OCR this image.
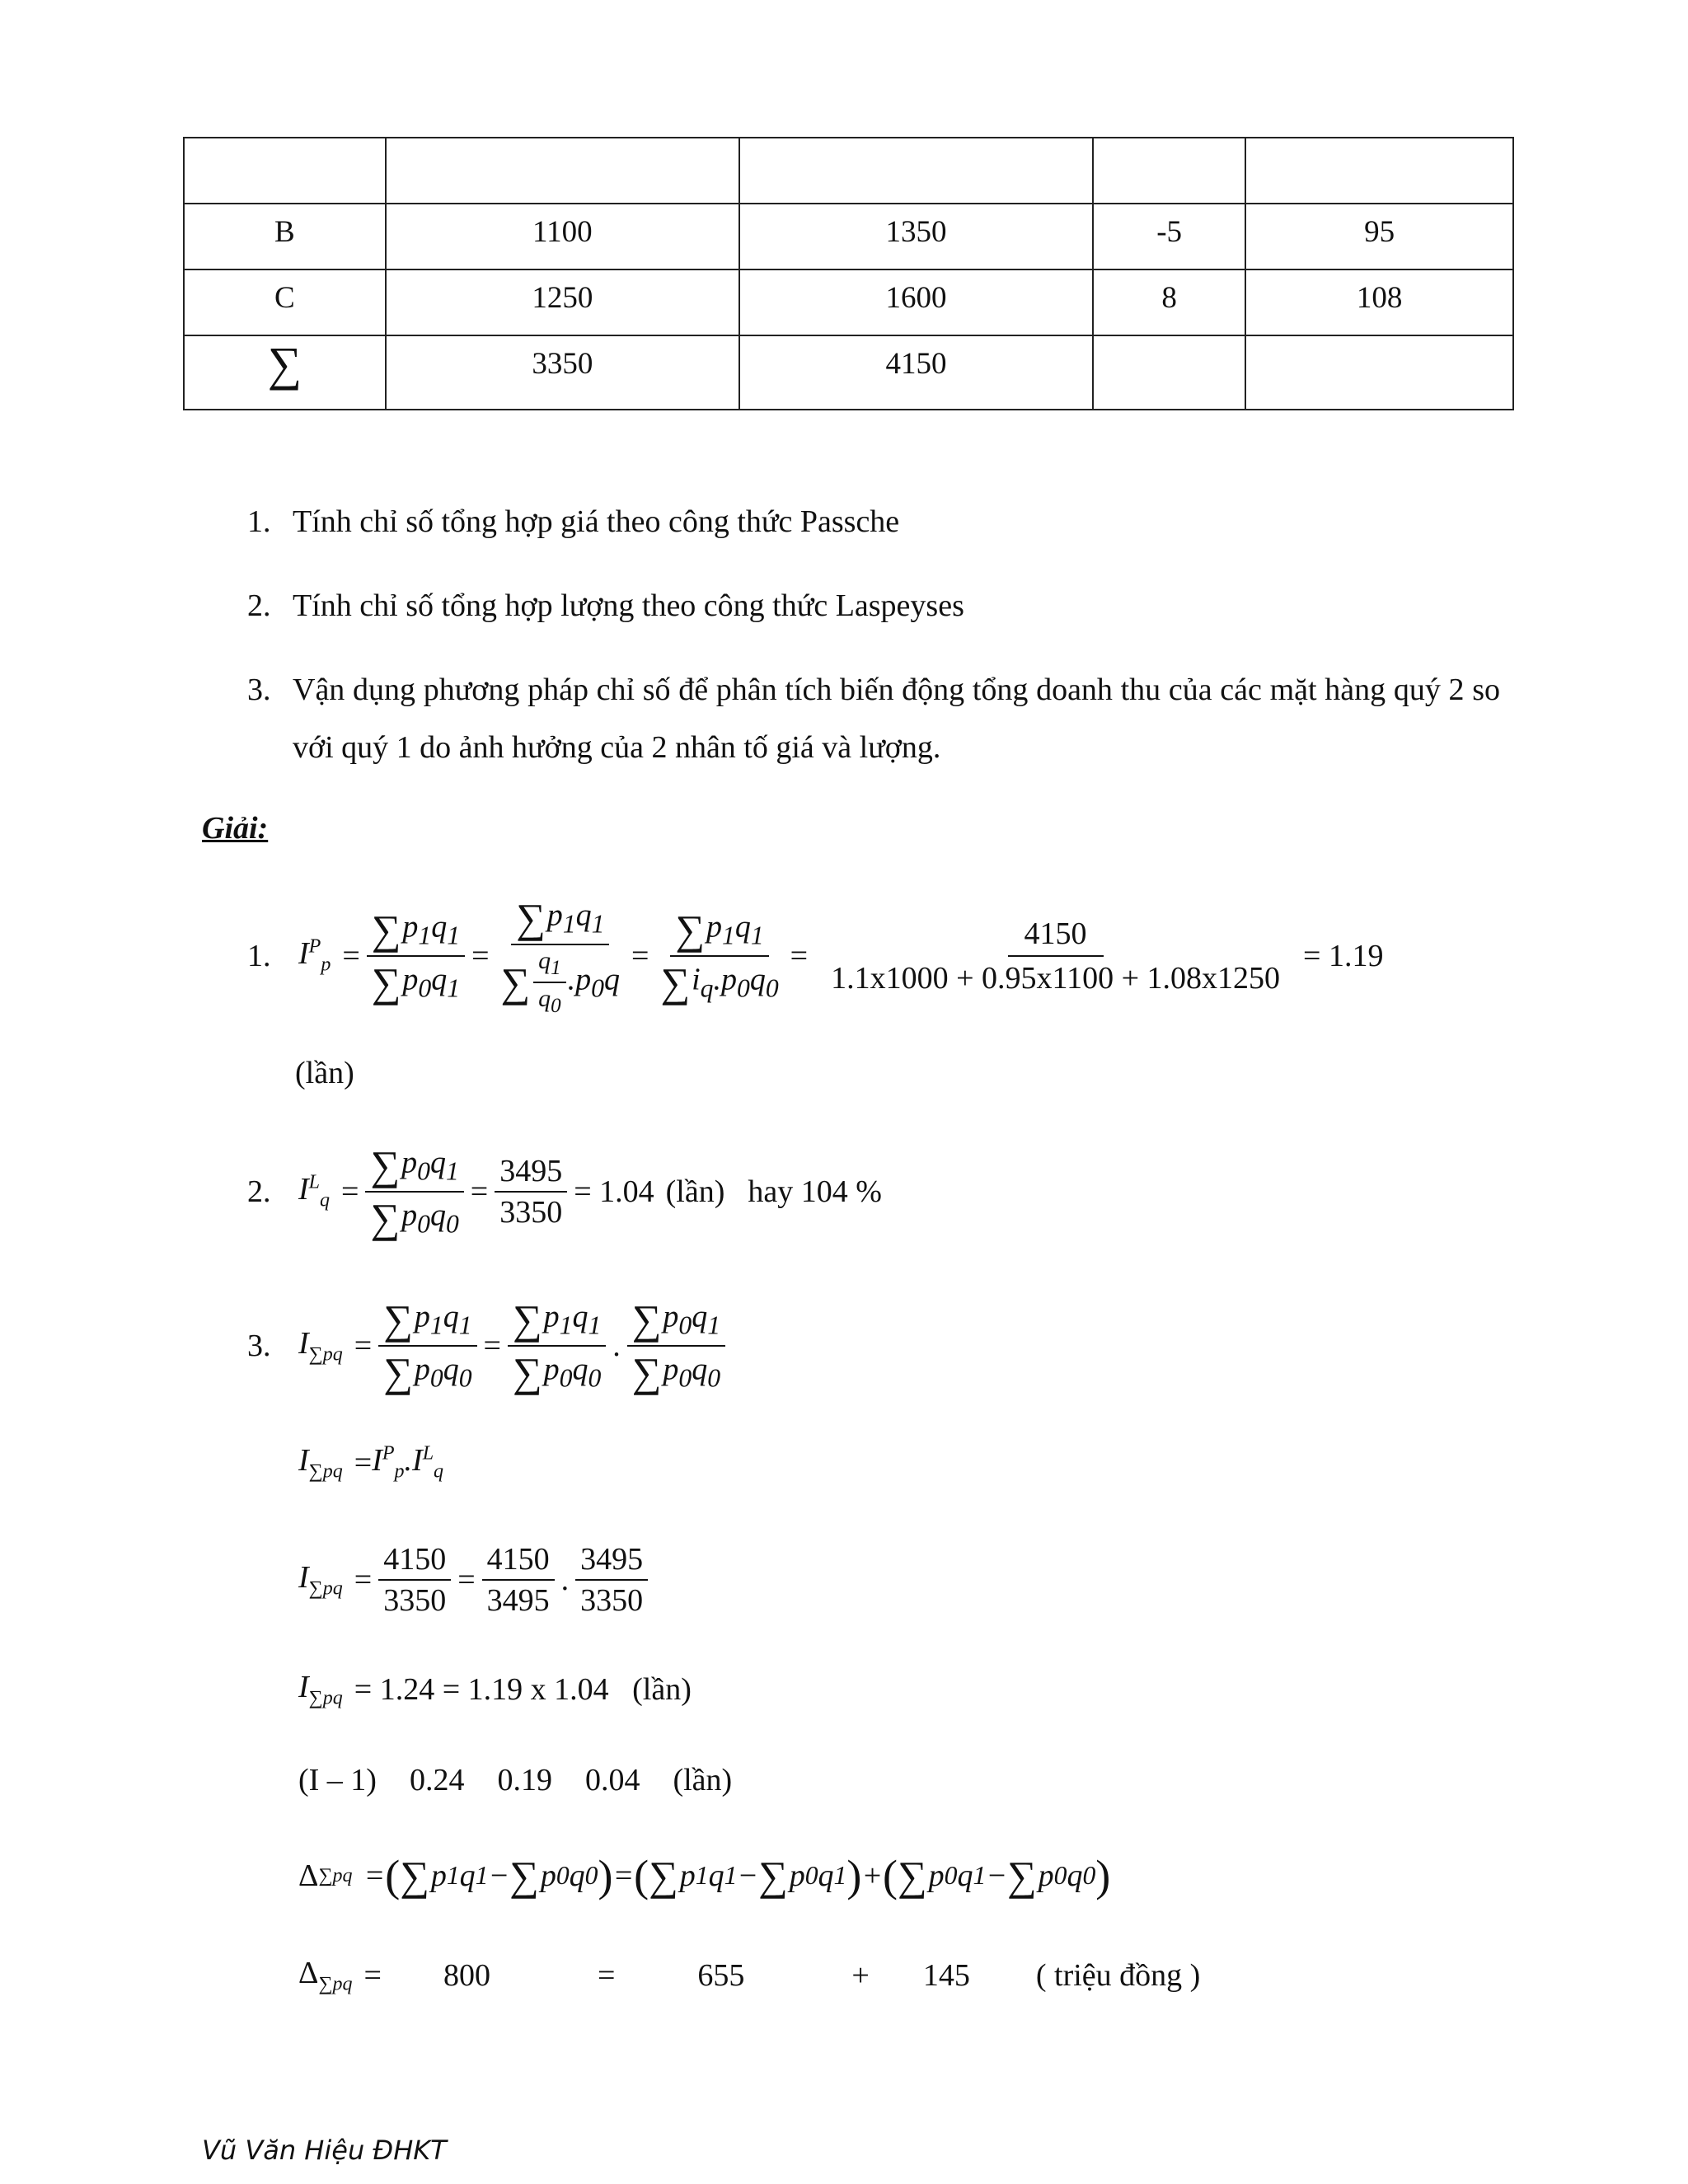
B	1100	1350	-5	95
C	1250	1600	8	108
∑	3350	4150		
1. Tính chỉ số tổng hợp giá theo công thức Passche
2. Tính chỉ số tổng hợp lượng theo công thức Laspeyses
3. Vận dụng phương pháp chỉ số để phân tích biến động tổng doanh thu của các mặt hàng quý 2 so với quý 1 do ảnh hưởng của 2 nhân tố giá và lượng.
Giải:
1. $I^P_p = \frac{\sum p_1q_1}{\sum p_0q_1} = \frac{\sum p_1q_1}{\sum \frac{q_1}{q_0} .p_0q} = \frac{\sum p_1q_1}{\sum i_q.p_0q_0} = \frac{4150}{1.1x1000 + 0.95x1100 + 1.08x1250} = 1.19$
(lần)
2. $I^L_q = \frac{\sum p_0q_1}{\sum p_0q_0} = \frac{3495}{3350} = 1.04$ (lần) hay 104 %
3. $I_{\sum pq} = \frac{\sum p_1q_1}{\sum p_0q_0} = \frac{\sum p_1q_1}{\sum p_0q_0}$ . $\frac{\sum p_0q_1}{\sum p_0q_0}$
$I_{\sum pq} = I^P_p.I^L_q$
$I_{\sum pq} = \frac{4150}{3350} = \frac{4150}{3495}$ . $\frac{3495}{3350}$
$I_{\sum pq} = 1.24 = 1.19$ x 1.04   (lần)
(I – 1) 0.24 0.19 0.04 (lần)
Δ ∑pq = ( ∑ p 1 q 1 − ∑ p 0 q 0 ) = ( ∑ p 1 q 1 − ∑ p 0 q 1 ) + ( ∑ p 0 q 1 − ∑ p 0 q 0 )
$\Delta_{\sum pq} = 800$	=	655	+ 145 ( triệu đồng )
Vũ Văn Hiệu ĐHKT
